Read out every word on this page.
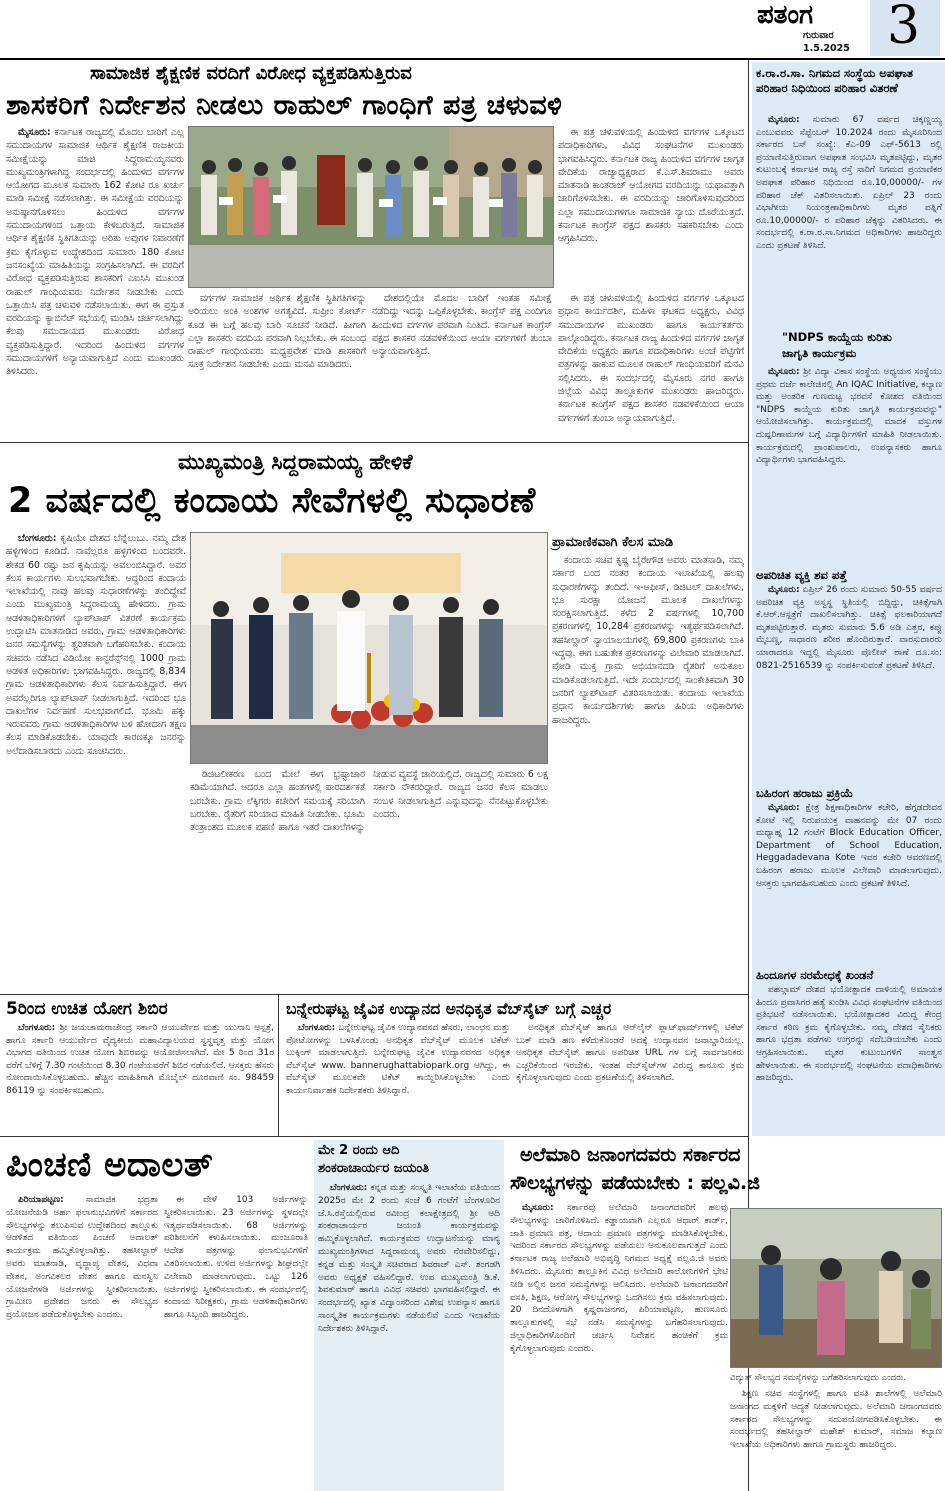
ಪತಂಗ
ಗುರುವಾರ
1.5.2025 3
ಸಾಮಾಜಿಕ ಶೈಕ್ಷಣಿಕ ವರದಿಗೆ ವಿರೋಧ ವ್ಯಕ್ತಪಡಿಸುತ್ತಿರುವ
ಶಾಸಕರಿಗೆ ನಿರ್ದೇಶನ ನೀಡಲು ರಾಹುಲ್ ಗಾಂಧಿಗೆ ಪತ್ರ ಚಳುವಳಿ

ಮೈಸೂರು: ಕರ್ನಾಟಕ ರಾಜ್ಯದಲ್ಲಿ ಮೊದಲ ಬಾರಿಗೆ ಎಲ್ಲ ಸಮುದಾಯಗಳ ಸಾಮಾಜಿಕ ಆರ್ಥಿಕ ಶೈಕ್ಷಣಿಕ ರಾಜಕೀಯ ಸಮೀಕ್ಷೆಯನ್ನು ಮಾಜಿ ಸಿದ್ದರಾಮಯ್ಯನವರು ಮುಖ್ಯಮಂತ್ರಿಗಳಾಗಿದ್ದ ಸಂದರ್ಭದಲ್ಲಿ ಹಿಂದುಳಿದ ವರ್ಗಗಳ ಆಯೋಗದ ಮೂಲಕ ಸುಮಾರು 162 ಕೋಟಿ ರೂ ಖರ್ಚು ಮಾಡಿ ಸಮೀಕ್ಷೆ ನಡೆಸಲಾಗಿತ್ತು. ಈ ಸಮೀಕ್ಷೆಯ ವರದಿಯನ್ನು ಅನುಷ್ಠಾನಗೊಳಿಸಲು ಹಿಂದುಳಿದ ವರ್ಗಗಳ ಸಮುದಾಯಗಳಿಂದ ಒತ್ತಾಯ ಕೇಳಿಬರುತ್ತಿದೆ. ಸಾಮಾಜಿಕ ಆರ್ಥಿಕ ಶೈಕ್ಷಣಿಕ ಸ್ಥಿತಿಗತಿಯನ್ನು ಅರಿತು ಅವುಗಳ ನಿವಾರಣೆಗೆ ಕ್ರಮ ಕೈಗೊಳ್ಳುವ ಉದ್ದೇಶದಿಂದ ಸುಮಾರು 180 ಕೋಟಿ ಜನಸಂಖ್ಯೆಯ ಮಾಹಿತಿಯನ್ನು ಸಂಗ್ರಹಿಸಲಾಗಿದೆ. ಈ ವರದಿಗೆ ವಿರೋಧ ವ್ಯಕ್ತಪಡಿಸುತ್ತಿರುವ ಶಾಸಕರಿಗೆ ಎಐಸಿಸಿ ಮುಖಂಡ ರಾಹುಲ್ ಗಾಂಧಿಯವರು ನಿರ್ದೇಶನ ನೀಡಬೇಕು ಎಂದು ಒತ್ತಾಯಿಸಿ ಪತ್ರ ಚಳುವಳಿ ನಡೆಸಲಾಯಿತು. ಈಗ ಈ ಪ್ರಸ್ತುತ ವರದಿಯನ್ನು ಕ್ಯಾಬಿನೆಟ್ ಸಭೆಯಲ್ಲಿ ಮಂಡಿಸಿ ಚರ್ಚಿಸಲಾಗಿದ್ದು ಕೆಲವು ಸಮುದಾಯದ ಮುಖಂಡರು ವಿರೋಧ ವ್ಯಕ್ತಪಡಿಸುತ್ತಿದ್ದಾರೆ. ಇದರಿಂದ ಹಿಂದುಳಿದ ವರ್ಗಗಳ ಸಮುದಾಯಗಳಿಗೆ ಅನ್ಯಾಯವಾಗುತ್ತಿದೆ ಎಂದು ಮುಖಂಡರು ತಿಳಿಸಿದರು.

ಈ ಪತ್ರ ಚಳುವಳಿಯಲ್ಲಿ ಹಿಂದುಳಿದ ವರ್ಗಗಳ ಒಕ್ಕೂಟದ ಪದಾಧಿಕಾರಿಗಳು, ವಿವಿಧ ಸಂಘಟನೆಗಳ ಮುಖಂಡರು ಭಾಗವಹಿಸಿದ್ದರು. ಕರ್ನಾಟಕ ರಾಜ್ಯ ಹಿಂದುಳಿದ ವರ್ಗಗಳ ಜಾಗೃತ ವೇದಿಕೆಯ ರಾಜ್ಯಾಧ್ಯಕ್ಷರಾದ ಕೆ.ಎಸ್.ಶಿವರಾಮು ಅವರು ಮಾತನಾಡಿ ಕಾಂತರಾಜ್ ಆಯೋಗದ ವರದಿಯನ್ನು ಯಥಾವತ್ತಾಗಿ ಜಾರಿಗೊಳಿಸಬೇಕು. ಈ ವರದಿಯನ್ನು ಜಾರಿಗೊಳಿಸುವುದರಿಂದ ಎಲ್ಲಾ ಸಮುದಾಯಗಳಿಗೂ ಸಾಮಾಜಿಕ ನ್ಯಾಯ ದೊರೆಯುತ್ತದೆ. ಕರ್ನಾಟಕ ಕಾಂಗ್ರೆಸ್ ಪಕ್ಷದ ಶಾಸಕರು ಸಹಕರಿಸಬೇಕು ಎಂದು ಆಗ್ರಹಿಸಿದರು.

ವರ್ಗಗಳ ಸಾಮಾಜಿಕ ಆರ್ಥಿಕ ಶೈಕ್ಷಣಿಕ ಸ್ಥಿತಿಗತಿಗಳನ್ನು ಅರಿಯಲು ಅಂಕಿ ಅಂಶಗಳ ಅಗತ್ಯವಿದೆ. ಸುಪ್ರೀಂ ಕೋರ್ಟ್ ಕೂಡ ಈ ಬಗ್ಗೆ ಹಲವು ಬಾರಿ ಸೂಚನೆ ನೀಡಿದೆ. ಹೀಗಾಗಿ ಎಲ್ಲಾ ಶಾಸಕರು ವರದಿಯ ಪರವಾಗಿ ನಿಲ್ಲಬೇಕು. ಈ ಸಂಬಂಧ ರಾಹುಲ್ ಗಾಂಧಿಯವರು ಮಧ್ಯಪ್ರವೇಶ ಮಾಡಿ ಶಾಸಕರಿಗೆ ಸೂಕ್ತ ನಿರ್ದೇಶನ ನೀಡಬೇಕು ಎಂದು ಮನವಿ ಮಾಡಿದರು.

ದೇಶದಲ್ಲಿಯೇ ಮೊದಲ ಬಾರಿಗೆ ಇಂತಹ ಸಮೀಕ್ಷೆ ನಡೆದಿದ್ದು ಇದನ್ನು ಒಪ್ಪಿಕೊಳ್ಳಬೇಕು. ಕಾಂಗ್ರೆಸ್ ಪಕ್ಷ ಎಂದಿಗೂ ಹಿಂದುಳಿದ ವರ್ಗಗಳ ಪರವಾಗಿ ನಿಂತಿದೆ. ಕರ್ನಾಟಕ ಕಾಂಗ್ರೆಸ್ ಪಕ್ಷದ ಶಾಸಕರ ನಡವಳಿಕೆಯಿಂದ ಆಯಾ ವರ್ಗಗಳಿಗೆ ತುಂಬಾ ಅನ್ಯಾಯವಾಗುತ್ತಿದೆ.

ಈ ಪತ್ರ ಚಳುವಳಿಯಲ್ಲಿ ಹಿಂದುಳಿದ ವರ್ಗಗಳ ಒಕ್ಕೂಟದ ಪ್ರಧಾನ ಕಾರ್ಯದರ್ಶಿ, ಮಹಿಳಾ ಘಟಕದ ಅಧ್ಯಕ್ಷರು, ವಿವಿಧ ಸಮುದಾಯಗಳ ಮುಖಂಡರು ಹಾಗೂ ಕಾರ್ಯಕರ್ತರು ಪಾಲ್ಗೊಂಡಿದ್ದರು. ಕರ್ನಾಟಕ ರಾಜ್ಯ ಹಿಂದುಳಿದ ವರ್ಗಗಳ ಜಾಗೃತ ವೇದಿಕೆಯ ಅಧ್ಯಕ್ಷರು ಹಾಗೂ ಪದಾಧಿಕಾರಿಗಳು ಅಂಚೆ ಪೆಟ್ಟಿಗೆಗೆ ಪತ್ರಗಳನ್ನು ಹಾಕುವ ಮೂಲಕ ರಾಹುಲ್ ಗಾಂಧಿಯವರಿಗೆ ಮನವಿ ಸಲ್ಲಿಸಿದರು. ಈ ಸಂದರ್ಭದಲ್ಲಿ ಮೈಸೂರು ನಗರ ಹಾಗೂ ಜಿಲ್ಲೆಯ ವಿವಿಧ ತಾಲ್ಲೂಕುಗಳ ಮುಖಂಡರು ಹಾಜರಿದ್ದರು. ಕರ್ನಾಟಕ ಕಾಂಗ್ರೆಸ್ ಪಕ್ಷದ ಶಾಸಕರ ನಡವಳಿಕೆಯಿಂದ ಆಯಾ ವರ್ಗಗಳಿಗೆ ತುಂಬಾ ಅನ್ಯಾಯವಾಗುತ್ತಿದೆ.

ಮುಖ್ಯಮಂತ್ರಿ ಸಿದ್ದರಾಮಯ್ಯ ಹೇಳಿಕೆ
2 ವರ್ಷದಲ್ಲಿ ಕಂದಾಯ ಸೇವೆಗಳಲ್ಲಿ ಸುಧಾರಣೆ
ಪ್ರಾಮಾಣಿಕವಾಗಿ ಕೆಲಸ ಮಾಡಿ

ಬೆಂಗಳೂರು: ಕೃಷಿಯೇ ದೇಶದ ಬೆನ್ನೆಲುಬು. ನಮ್ಮ ದೇಶ ಹಳ್ಳಿಗಳಿಂದ ಕೂಡಿದೆ. ನಾವೆಲ್ಲರೂ ಹಳ್ಳಿಗಳಿಂದ ಬಂದವರೇ. ಶೇಕಡ 60 ರಷ್ಟು ಜನ ಕೃಷಿಯನ್ನು ಅವಲಂಬಿಸಿದ್ದಾರೆ. ಅವರ ಕೆಲಸ ಕಾರ್ಯಗಳು ಸುಲಭವಾಗಬೇಕು. ಆದ್ದರಿಂದ ಕಂದಾಯ ಇಲಾಖೆಯಲ್ಲಿ ನಾವು ಹಲವು ಸುಧಾರಣೆಗಳನ್ನು ತಂದಿದ್ದೇವೆ ಎಂದು ಮುಖ್ಯಮಂತ್ರಿ ಸಿದ್ದರಾಮಯ್ಯ ಹೇಳಿದರು. ಗ್ರಾಮ ಆಡಳಿತಾಧಿಕಾರಿಗಳಿಗೆ ಲ್ಯಾಪ್‌ಟಾಪ್ ವಿತರಣೆ ಕಾರ್ಯಕ್ರಮ ಉದ್ಘಾಟಿಸಿ ಮಾತನಾಡಿದ ಅವರು, ಗ್ರಾಮ ಆಡಳಿತಾಧಿಕಾರಿಗಳು ಜನರ ಸಮಸ್ಯೆಗಳನ್ನು ತ್ವರಿತವಾಗಿ ಬಗೆಹರಿಸಬೇಕು. ಕಂದಾಯ ಸಚಿವರು ನಡೆಸಿದ ವಿಡಿಯೋ ಕಾನ್ಫರೆನ್ಸ್‌ನಲ್ಲಿ 1000 ಗ್ರಾಮ ಆಡಳಿತ ಅಧಿಕಾರಿಗಳು ಭಾಗವಹಿಸಿದ್ದರು. ರಾಜ್ಯದಲ್ಲಿ 8,834 ಗ್ರಾಮ ಆಡಳಿತಾಧಿಕಾರಿಗಳು ಕೆಲಸ ನಿರ್ವಹಿಸುತ್ತಿದ್ದಾರೆ. ಈಗ ಅವರೆಲ್ಲರಿಗೂ ಲ್ಯಾಪ್‌ಟಾಪ್ ನೀಡಲಾಗುತ್ತಿದೆ. ಇದರಿಂದ ಭೂ ದಾಖಲೆಗಳ ನಿರ್ವಹಣೆ ಸುಲಭವಾಗಲಿದೆ. ಭೂಮಿ ಹಕ್ಕು ಇರುವವರು ಗ್ರಾಮ ಆಡಳಿತಾಧಿಕಾರಿಗಳ ಬಳಿ ಹೋದಾಗ ತಕ್ಷಣ ಕೆಲಸ ಮಾಡಿಕೊಡಬೇಕು. ಯಾವುದೇ ಕಾರಣಕ್ಕೂ ಜನರನ್ನು ಅಲೆದಾಡಿಸಬಾರದು ಎಂದು ಸೂಚಿಸಿದರು.

ಡಿಜಿಟಲೀಕರಣ ಬಂದ ಮೇಲೆ ಈಗ ಭ್ರಷ್ಟಾಚಾರ ಕಡಿಮೆಯಾಗಿದೆ. ಆದರೂ ಎಲ್ಲಾ ಹಂತಗಳಲ್ಲಿ ಪಾರದರ್ಶಕತೆ ಬರಬೇಕು. ಗ್ರಾಮ ಲೆಕ್ಕಿಗರು ಕಚೇರಿಗೆ ಸಮಯಕ್ಕೆ ಸರಿಯಾಗಿ ಬರಬೇಕು. ರೈತರಿಗೆ ಸರಿಯಾದ ಮಾಹಿತಿ ನೀಡಬೇಕು. ಭೂಮಿ ತಂತ್ರಾಂಶದ ಮೂಲಕ ಪಹಣಿ ಹಾಗೂ ಇತರೆ ದಾಖಲೆಗಳನ್ನು ನೀಡುವ ವ್ಯವಸ್ಥೆ ಜಾರಿಯಲ್ಲಿದೆ. ರಾಜ್ಯದಲ್ಲಿ ಸುಮಾರು 6 ಲಕ್ಷ ಸರ್ಕಾರಿ ನೌಕರರಿದ್ದಾರೆ. ರಾಜ್ಯದ ಜನರ ಕೆಲಸ ಮಾಡಲು ಸಂಬಳ ನೀಡಲಾಗುತ್ತಿದೆ ಎನ್ನುವುದನ್ನು ನೆನಪಿಟ್ಟುಕೊಳ್ಳಬೇಕು ಎಂದರು.

ಕಂದಾಯ ಸಚಿವ ಕೃಷ್ಣ ಬೈರೇಗೌಡ ಅವರು ಮಾತನಾಡಿ, ನಮ್ಮ ಸರ್ಕಾರ ಬಂದ ನಂತರ ಕಂದಾಯ ಇಲಾಖೆಯಲ್ಲಿ ಹಲವು ಸುಧಾರಣೆಗಳನ್ನು ತಂದಿದೆ. ಇ-ಆಫೀಸ್, ಡಿಜಿಟಲ್ ದಾಖಲೆಗಳು, ಭೂ ಸುರಕ್ಷಾ ಯೋಜನೆ ಮೂಲಕ ದಾಖಲೆಗಳನ್ನು ಸಂರಕ್ಷಿಸಲಾಗುತ್ತಿದೆ. ಕಳೆದ 2 ವರ್ಷಗಳಲ್ಲಿ 10,700 ಪ್ರಕರಣಗಳಲ್ಲಿ 10,284 ಪ್ರಕರಣಗಳನ್ನು ಇತ್ಯರ್ಥಪಡಿಸಲಾಗಿದೆ. ತಹಸೀಲ್ದಾರ್ ನ್ಯಾಯಾಲಯಗಳಲ್ಲಿ 69,800 ಪ್ರಕರಣಗಳು ಬಾಕಿ ಇದ್ದವು. ಈಗ ಬಹುತೇಕ ಪ್ರಕರಣಗಳನ್ನು ವಿಲೇವಾರಿ ಮಾಡಲಾಗಿದೆ. ಪೋಡಿ ಮುಕ್ತ ಗ್ರಾಮ ಅಭಿಯಾನದಡಿ ರೈತರಿಗೆ ಅನುಕೂಲ ಮಾಡಿಕೊಡಲಾಗುತ್ತಿದೆ. ಇದೇ ಸಂದರ್ಭದಲ್ಲಿ ಸಾಂಕೇತಿಕವಾಗಿ 30 ಜನರಿಗೆ ಲ್ಯಾಪ್‌ಟಾಪ್ ವಿತರಿಸಲಾಯಿತು. ಕಂದಾಯ ಇಲಾಖೆಯ ಪ್ರಧಾನ ಕಾರ್ಯದರ್ಶಿಗಳು ಹಾಗೂ ಹಿರಿಯ ಅಧಿಕಾರಿಗಳು ಹಾಜರಿದ್ದರು.

5ರಿಂದ ಉಚಿತ ಯೋಗ ಶಿಬಿರ

ಬೆಂಗಳೂರು: ಶ್ರೀ ಜಯಚಾಮರಾಜೇಂದ್ರ ಸರ್ಕಾರಿ ಆಯುರ್ವೇದ ಮತ್ತು ಯುನಾನಿ ಆಸ್ಪತ್ರೆ, ಹಾಗೂ ಸರ್ಕಾರಿ ಆಯುರ್ವೇದ ವೈದ್ಯಕೀಯ ಮಹಾವಿದ್ಯಾಲಯದ ಸ್ವಸ್ಥವೃತ್ತ ಮತ್ತು ಯೋಗ ವಿಭಾಗದ ವತಿಯಿಂದ ಉಚಿತ ಯೋಗ ಶಿಬಿರವನ್ನು ಆಯೋಜಿಸಲಾಗಿದೆ. ಮೇ 5 ರಿಂದ 31ರ ವರೆಗೆ ಬೆಳಿಗ್ಗೆ 7.30 ಗಂಟೆಯಿಂದ 8.30 ಗಂಟೆಯವರೆಗೆ ಶಿಬಿರ ನಡೆಯಲಿದೆ. ಆಸಕ್ತರು ಹೆಸರು ನೋಂದಾಯಿಸಿಕೊಳ್ಳಬಹುದು. ಹೆಚ್ಚಿನ ಮಾಹಿತಿಗಾಗಿ ಮೊಬೈಲ್ ದೂರವಾಣಿ ಸಂ. 98459 86119 ನ್ನು ಸಂಪರ್ಕಿಸಬಹುದು.

ಬನ್ನೇರುಘಟ್ಟ ಜೈವಿಕ ಉದ್ಯಾನದ ಅನಧಿಕೃತ ವೆಬ್‌ಸೈಟ್ ಬಗ್ಗೆ ಎಚ್ಚರ

ಬೆಂಗಳೂರು: ಬನ್ನೇರುಘಟ್ಟ ಜೈವಿಕ ಉದ್ಯಾನವನದ ಹೆಸರು, ಲಾಂಛನ ಮತ್ತು ಪೋಟೋಗಳನ್ನು ಬಳಸಿಕೊಂಡು ಅನಧಿಕೃತ ವೆಬ್‌ಸೈಟ್ ಮೂಲಕ ಟಿಕೆಟ್ ಬುಕ್ಕಿಂಗ್ ಮಾಡಲಾಗುತ್ತಿದೆ. ಬನ್ನೇರುಘಟ್ಟ ಜೈವಿಕ ಉದ್ಯಾನವನದ ಅಧಿಕೃತ ವೆಬ್‌ಸೈಟ್ www. bannerughattabiopark.org ಆಗಿದ್ದು, ಈ ವೆಬ್‌ಸೈಟ್ ಮೂಲಕವೇ ಟಿಕೆಟ್ ಕಾಯ್ದಿರಿಸಿಕೊಳ್ಳಬೇಕು ಎಂದು ಕಾರ್ಯನಿರ್ವಾಹಕ ನಿರ್ದೇಶಕರು ತಿಳಿಸಿದ್ದಾರೆ.

ಅನಧಿಕೃತ ವೆಬ್‌ಸೈಟ್ ಹಾಗೂ ಆನ್‌ಲೈನ್ ಪ್ಲಾಟ್‌ಫಾರ್ಮ್‌ಗಳಲ್ಲಿ ಟಿಕೆಟ್ ಬುಕ್ ಮಾಡಿ ಹಣ ಕಳೆದುಕೊಂಡರೆ ಅದಕ್ಕೆ ಉದ್ಯಾನವನ ಜವಾಬ್ದಾರಿಯಲ್ಲ. ಅನಧಿಕೃತ ವೆಬ್‌ಸೈಟ್ ಹಾಗೂ ಅಪರಿಚಿತ URL ಗಳ ಬಗ್ಗೆ ಸಾರ್ವಜನಿಕರು ಎಚ್ಚರಿಕೆಯಿಂದ ಇರಬೇಕು. ಇಂತಹ ವೆಬ್‌ಸೈಟ್‌ಗಳ ವಿರುದ್ಧ ಕಾನೂನು ಕ್ರಮ ಕೈಗೊಳ್ಳಲಾಗುವುದು ಎಂದು ಪ್ರಕಟಣೆಯಲ್ಲಿ ತಿಳಿಸಲಾಗಿದೆ.

ಪಿಂಚಣಿ ಅದಾಲತ್

ಪಿರಿಯಾಪಟ್ಟಣ: ಸಾಮಾಜಿಕ ಭದ್ರತಾ ಯೋಜನೆಯಡಿ ಅರ್ಹ ಫಲಾನುಭವಿಗಳಿಗೆ ಸರ್ಕಾರದ ಸೌಲಭ್ಯಗಳನ್ನು ತಲುಪಿಸುವ ಉದ್ದೇಶದಿಂದ ತಾಲ್ಲೂಕು ಆಡಳಿತದ ವತಿಯಿಂದ ಪಿಂಚಣಿ ಅದಾಲತ್ ಕಾರ್ಯಕ್ರಮ ಹಮ್ಮಿಕೊಳ್ಳಲಾಗಿತ್ತು. ತಹಸೀಲ್ದಾರ್ ಅವರು ಮಾತನಾಡಿ, ವೃದ್ಧಾಪ್ಯ ವೇತನ, ವಿಧವಾ ವೇತನ, ಅಂಗವಿಕಲರ ವೇತನ ಹಾಗೂ ಮನಸ್ವಿನಿ ಯೋಜನೆಗಳಡಿ ಅರ್ಜಿಗಳನ್ನು ಸ್ವೀಕರಿಸಲಾಯಿತು. ಗ್ರಾಮೀಣ ಪ್ರದೇಶದ ಜನರು ಈ ಸೌಲಭ್ಯದ ಪ್ರಯೋಜನ ಪಡೆದುಕೊಳ್ಳಬೇಕು ಎಂದರು.

ಈ ವೇಳೆ 103 ಅರ್ಜಿಗಳನ್ನು ಸ್ವೀಕರಿಸಲಾಯಿತು. 23 ಅರ್ಜಿಗಳನ್ನು ಸ್ಥಳದಲ್ಲೇ ಇತ್ಯರ್ಥಪಡಿಸಲಾಯಿತು. 68 ಅರ್ಜಿಗಳನ್ನು ಪರಿಶೀಲನೆಗೆ ಕಳುಹಿಸಲಾಯಿತು. ಮಂಜೂರಾತಿ ಆದೇಶ ಪತ್ರಗಳನ್ನು ಫಲಾನುಭವಿಗಳಿಗೆ ವಿತರಿಸಲಾಯಿತು. ಉಳಿದ ಅರ್ಜಿಗಳನ್ನು ಶೀಘ್ರದಲ್ಲೇ ವಿಲೇವಾರಿ ಮಾಡಲಾಗುವುದು. ಒಟ್ಟು 126 ಅರ್ಜಿಗಳನ್ನು ಸ್ವೀಕರಿಸಲಾಯಿತು. ಈ ಸಂದರ್ಭದಲ್ಲಿ ಕಂದಾಯ ನಿರೀಕ್ಷಕರು, ಗ್ರಾಮ ಆಡಳಿತಾಧಿಕಾರಿಗಳು ಹಾಗೂ ಸಿಬ್ಬಂದಿ ಹಾಜರಿದ್ದರು.

ಮೇ 2 ರಂದು ಆದಿ
ಶಂಕರಾಚಾರ್ಯರ ಜಯಂತಿ

ಬೆಂಗಳೂರು: ಕನ್ನಡ ಮತ್ತು ಸಂಸ್ಕೃತಿ ಇಲಾಖೆಯ ವತಿಯಿಂದ 2025ರ ಮೇ 2 ರಂದು ಸಂಜೆ 6 ಗಂಟೆಗೆ ಬೆಂಗಳೂರಿನ ಜೆ.ಸಿ.ರಸ್ತೆಯಲ್ಲಿರುವ ರವೀಂದ್ರ ಕಲಾಕ್ಷೇತ್ರದಲ್ಲಿ ಶ್ರೀ ಆದಿ ಶಂಕರಾಚಾರ್ಯರ ಜಯಂತಿ ಕಾರ್ಯಕ್ರಮವನ್ನು ಹಮ್ಮಿಕೊಳ್ಳಲಾಗಿದೆ. ಕಾರ್ಯಕ್ರಮದ ಉದ್ಘಾಟನೆಯನ್ನು ಮಾನ್ಯ ಮುಖ್ಯಮಂತ್ರಿಗಳಾದ ಸಿದ್ದರಾಮಯ್ಯ ಅವರು ನೆರವೇರಿಸಲಿದ್ದು, ಕನ್ನಡ ಮತ್ತು ಸಂಸ್ಕೃತಿ ಸಚಿವರಾದ ಶಿವರಾಜ್ ಎಸ್. ತಂಗಡಗಿ ಅವರು ಅಧ್ಯಕ್ಷತೆ ವಹಿಸಲಿದ್ದಾರೆ. ಉಪ ಮುಖ್ಯಮಂತ್ರಿ ಡಿ.ಕೆ. ಶಿವಕುಮಾರ್ ಹಾಗೂ ವಿವಿಧ ಸಚಿವರು ಭಾಗವಹಿಸಲಿದ್ದಾರೆ. ಈ ಸಂದರ್ಭದಲ್ಲಿ ಖ್ಯಾತ ವಿದ್ವಾಂಸರಿಂದ ವಿಶೇಷ ಉಪನ್ಯಾಸ ಹಾಗೂ ಸಾಂಸ್ಕೃತಿಕ ಕಾರ್ಯಕ್ರಮಗಳು ನಡೆಯಲಿವೆ ಎಂದು ಇಲಾಖೆಯ ನಿರ್ದೇಶಕರು ತಿಳಿಸಿದ್ದಾರೆ.

ಅಲೆಮಾರಿ ಜನಾಂಗದವರು ಸರ್ಕಾರದ
ಸೌಲಭ್ಯಗಳನ್ನು ಪಡೆಯಬೇಕು : ಪಲ್ಲವಿ.ಜಿ

ಮೈಸೂರು: ಸರ್ಕಾರವು ಅಲೆಮಾರಿ ಜನಾಂಗದವರಿಗೆ ಹಲವು ಸೌಲಭ್ಯಗಳನ್ನು ಜಾರಿಗೊಳಿಸಿದೆ. ಕಡ್ಡಾಯವಾಗಿ ಎಲ್ಲರೂ ಆಧಾರ್ ಕಾರ್ಡ್, ಜಾತಿ ಪ್ರಮಾಣ ಪತ್ರ, ಆದಾಯ ಪ್ರಮಾಣ ಪತ್ರಗಳನ್ನು ಮಾಡಿಸಿಕೊಳ್ಳಬೇಕು. ಇದರಿಂದ ಸರ್ಕಾರದ ಸೌಲಭ್ಯಗಳನ್ನು ಪಡೆಯಲು ಅನುಕೂಲವಾಗುತ್ತದೆ ಎಂದು ಕರ್ನಾಟಕ ರಾಜ್ಯ ಅಲೆಮಾರಿ ಅಭಿವೃದ್ಧಿ ನಿಗಮದ ಅಧ್ಯಕ್ಷೆ ಪಲ್ಲವಿ.ಜಿ ಅವರು ತಿಳಿಸಿದರು. ಮೈಸೂರು ತಾಲ್ಲೂಕಿನ ವಿವಿಧ ಅಲೆಮಾರಿ ಕಾಲೋನಿಗಳಿಗೆ ಭೇಟಿ ನೀಡಿ ಅಲ್ಲಿನ ಜನರ ಸಮಸ್ಯೆಗಳನ್ನು ಆಲಿಸಿದರು. ಅಲೆಮಾರಿ ಜನಾಂಗದವರಿಗೆ ವಸತಿ, ಶಿಕ್ಷಣ, ಆರೋಗ್ಯ ಸೌಲಭ್ಯಗಳನ್ನು ಒದಗಿಸಲು ಕ್ರಮ ವಹಿಸಲಾಗುವುದು. 20 ದಿನದೊಳಗಾಗಿ ಕೃಷ್ಣರಾಜನಗರ, ಪಿರಿಯಾಪಟ್ಟಣ, ಹುಣಸೂರು ತಾಲ್ಲೂಕುಗಳಲ್ಲಿ ಸಭೆ ನಡೆಸಿ ಸಮಸ್ಯೆಗಳನ್ನು ಬಗೆಹರಿಸಲಾಗುವುದು. ಜಿಲ್ಲಾಧಿಕಾರಿಗಳೊಂದಿಗೆ ಚರ್ಚಿಸಿ ನಿವೇಶನ ಹಂಚಿಕೆಗೆ ಕ್ರಮ ಕೈಗೊಳ್ಳಲಾಗುವುದು ಎಂದರು.

ವಿದ್ಯುತ್ ಸೌಲಭ್ಯದ ಸಮಸ್ಯೆಗಳನ್ನು ಬಗೆಹರಿಸಲಾಗುವುದು ಎಂದರು.

ಶಿಕ್ಷಣ ಸಚಿವ ಸಂಸ್ಥೆಗಳಲ್ಲಿ ಹಾಗೂ ವಸತಿ ಶಾಲೆಗಳಲ್ಲಿ ಅಲೆಮಾರಿ ಜನಾಂಗದ ಮಕ್ಕಳಿಗೆ ಆದ್ಯತೆ ನೀಡಲಾಗುವುದು. ಅಲೆಮಾರಿ ಜನಾಂಗದವರು ಸರ್ಕಾರದ ಸೌಲಭ್ಯಗಳನ್ನು ಸದುಪಯೋಗಪಡಿಸಿಕೊಳ್ಳಬೇಕು. ಈ ಸಂದರ್ಭದಲ್ಲಿ ತಹಸೀಲ್ದಾರ್ ಮಹೇಶ್ ಕುಮಾರ್, ಸಮಾಜ ಕಲ್ಯಾಣ ಇಲಾಖೆಯ ಅಧಿಕಾರಿಗಳು ಹಾಗೂ ಗ್ರಾಮಸ್ಥರು ಹಾಜರಿದ್ದರು.

ಕ.ರಾ.ರ.ಸಾ. ನಿಗಮದ ಸಂಸ್ಥೆಯ ಅಪಘಾತ ಪರಿಹಾರ ನಿಧಿಯಿಂದ ಪರಿಹಾರ ವಿತರಣೆ

ಮೈಸೂರು: ಸುಮಾರು 67 ವರ್ಷದ ಚಿಕ್ಕಣ್ಣಯ್ಯ ಎಂಬುವವರು ಸೆಪ್ಟೆಂಬರ್ 10.2024 ರಂದು ಮೈಸೂರಿನಿಂದ ಸರ್ಕಾರದ ಬಸ್ ಸಂಖ್ಯೆ: ಕೆಎ-09 ಎಫ್-5613 ರಲ್ಲಿ ಪ್ರಯಾಣಿಸುತ್ತಿರುವಾಗ ಅಪಘಾತ ಸಂಭವಿಸಿ ಮೃತಪಟ್ಟಿದ್ದು, ಮೃತರ ಕುಟುಂಬಕ್ಕೆ ಕರ್ನಾಟಕ ರಾಜ್ಯ ರಸ್ತೆ ಸಾರಿಗೆ ನಿಗಮದ ಪ್ರಯಾಣಿಕರ ಅಪಘಾತ ಪರಿಹಾರ ನಿಧಿಯಿಂದ ರೂ.10,00000/- ಗಳ ಪರಿಹಾರ ಚೆಕ್ ವಿತರಿಸಲಾಯಿತು. ಏಪ್ರಿಲ್ 23 ರಂದು ವಿಭಾಗೀಯ ನಿಯಂತ್ರಣಾಧಿಕಾರಿಗಳು ಮೃತರ ಪತ್ನಿಗೆ ರೂ.10,00000/- ರ ಪರಿಹಾರ ಚೆಕ್ಕನ್ನು ವಿತರಿಸಿದರು. ಈ ಸಂದರ್ಭದಲ್ಲಿ ಕ.ರಾ.ರ.ಸಾ.ನಿಗಮದ ಅಧಿಕಾರಿಗಳು ಹಾಜರಿದ್ದರು ಎಂದು ಪ್ರಕಟಣೆ ತಿಳಿಸಿದೆ.

"NDPS ಕಾಯ್ದೆಯ ಕುರಿತು
ಜಾಗೃತಿ ಕಾರ್ಯಕ್ರಮ

ಮೈಸೂರು: ಶ್ರೀ ವಿದ್ಯಾ ವಿಕಾಸ ಸಂಸ್ಥೆಯ ಅಧ್ಯಯನ ಸಂಸ್ಥೆಯು ಪ್ರಥಮ ದರ್ಜೆ ಕಾಲೇಜಿನಲ್ಲಿ An IQAC Initiative, ಕಲ್ಯಾಣ ಮತ್ತು ಅಂತರಿಕ ಗುಣಮಟ್ಟ ಭರವಸೆ ಕೋಶದ ವತಿಯಿಂದ "NDPS ಕಾಯ್ದೆಯ ಕುರಿತು ಜಾಗೃತಿ ಕಾರ್ಯಕ್ರಮವನ್ನು" ಆಯೋಜಿಸಲಾಗಿತ್ತು. ಕಾರ್ಯಕ್ರಮದಲ್ಲಿ ಮಾದಕ ವಸ್ತುಗಳ ದುಷ್ಪರಿಣಾಮಗಳ ಬಗ್ಗೆ ವಿದ್ಯಾರ್ಥಿಗಳಿಗೆ ಮಾಹಿತಿ ನೀಡಲಾಯಿತು. ಕಾರ್ಯಕ್ರಮದಲ್ಲಿ ಪ್ರಾಂಶುಪಾಲರು, ಉಪನ್ಯಾಸಕರು ಹಾಗೂ ವಿದ್ಯಾರ್ಥಿಗಳು ಭಾಗವಹಿಸಿದ್ದರು.

ಅಪರಿಚಿತ ವ್ಯಕ್ತಿ ಶವ ಪತ್ತೆ

ಮೈಸೂರು: ಏಪ್ರಿಲ್ 26 ರಂದು ಸುಮಾರು 50-55 ವರ್ಷದ ಅಪರಿಚಿತ ವ್ಯಕ್ತಿ ಅಸ್ವಸ್ಥ ಸ್ಥಿತಿಯಲ್ಲಿ ಬಿದ್ದಿದ್ದು, ಚಿಕಿತ್ಸೆಗಾಗಿ ಕೆ.ಆರ್.ಆಸ್ಪತ್ರೆಗೆ ದಾಖಲಿಸಲಾಗಿತ್ತು. ಚಿಕಿತ್ಸೆ ಫಲಕಾರಿಯಾಗದೆ ಮೃತಪಟ್ಟಿರುತ್ತಾರೆ. ಮೃತರು ಸುಮಾರು 5.6 ಅಡಿ ಎತ್ತರ, ಕಪ್ಪು ಮೈಬಣ್ಣ, ಸಾಧಾರಣ ಶರೀರ ಹೊಂದಿರುತ್ತಾರೆ. ವಾರಸುದಾರರು ಯಾರಾದರೂ ಇದ್ದಲ್ಲಿ ಮೈಸೂರು ಪೊಲೀಸ್ ಠಾಣೆ ದೂ.ಸಂ: 0821-2516539 ನ್ನು ಸಂಪರ್ಕಿಸುವಂತೆ ಪ್ರಕಟಣೆ ತಿಳಿಸಿದೆ.

ಬಹಿರಂಗ ಹರಾಜು ಪ್ರಕ್ರಿಯೆ

ಮೈಸೂರು: ಕ್ಷೇತ್ರ ಶಿಕ್ಷಣಾಧಿಕಾರಿಗಳ ಕಚೇರಿ, ಹೆಗ್ಗಡದೇವನ ಕೋಟೆ ಇಲ್ಲಿ ನಿರುಪಯುಕ್ತ ವಾಹನವನ್ನು ಮೇ 07 ರಂದು ಮಧ್ಯಾಹ್ನ 12 ಗಂಟೆಗೆ Block Education Officer, Department of School Education, Heggadadevana Kote ಇವರ ಕಚೇರಿ ಆವರಣದಲ್ಲಿ ಬಹಿರಂಗ ಹರಾಜು ಮೂಲಕ ವಿಲೇವಾರಿ ಮಾಡಲಾಗುವುದು. ಆಸಕ್ತರು ಭಾಗವಹಿಸಬಹುದು ಎಂದು ಪ್ರಕಟಣೆ ತಿಳಿಸಿದೆ.

ಹಿಂದೂಗಳ ನರಮೇಧಕ್ಕೆ ಖಂಡನೆ

ಪಹಲ್ಗಾಮ್ ದೇಶದ ಭಯೋತ್ಪಾದಕ ದಾಳಿಯಲ್ಲಿ ಅಮಾಯಕ ಹಿಂದೂ ಪ್ರವಾಸಿಗರ ಹತ್ಯೆ ಖಂಡಿಸಿ ವಿವಿಧ ಸಂಘಟನೆಗಳ ವತಿಯಿಂದ ಪ್ರತಿಭಟನೆ ನಡೆಸಲಾಯಿತು. ಭಯೋತ್ಪಾದಕರ ವಿರುದ್ಧ ಕೇಂದ್ರ ಸರ್ಕಾರ ಕಠಿಣ ಕ್ರಮ ಕೈಗೊಳ್ಳಬೇಕು. ನಮ್ಮ ದೇಶದ ಸೈನಿಕರು ಹಾಗೂ ಭದ್ರತಾ ಪಡೆಗಳು ಉಗ್ರರನ್ನು ಸದೆಬಡಿಯಬೇಕು ಎಂದು ಆಗ್ರಹಿಸಲಾಯಿತು. ಮೃತರ ಕುಟುಂಬಗಳಿಗೆ ಸಾಂತ್ವನ ಹೇಳಲಾಯಿತು. ಈ ಸಂದರ್ಭದಲ್ಲಿ ಸಂಘಟನೆಯ ಪದಾಧಿಕಾರಿಗಳು ಹಾಜರಿದ್ದರು.
